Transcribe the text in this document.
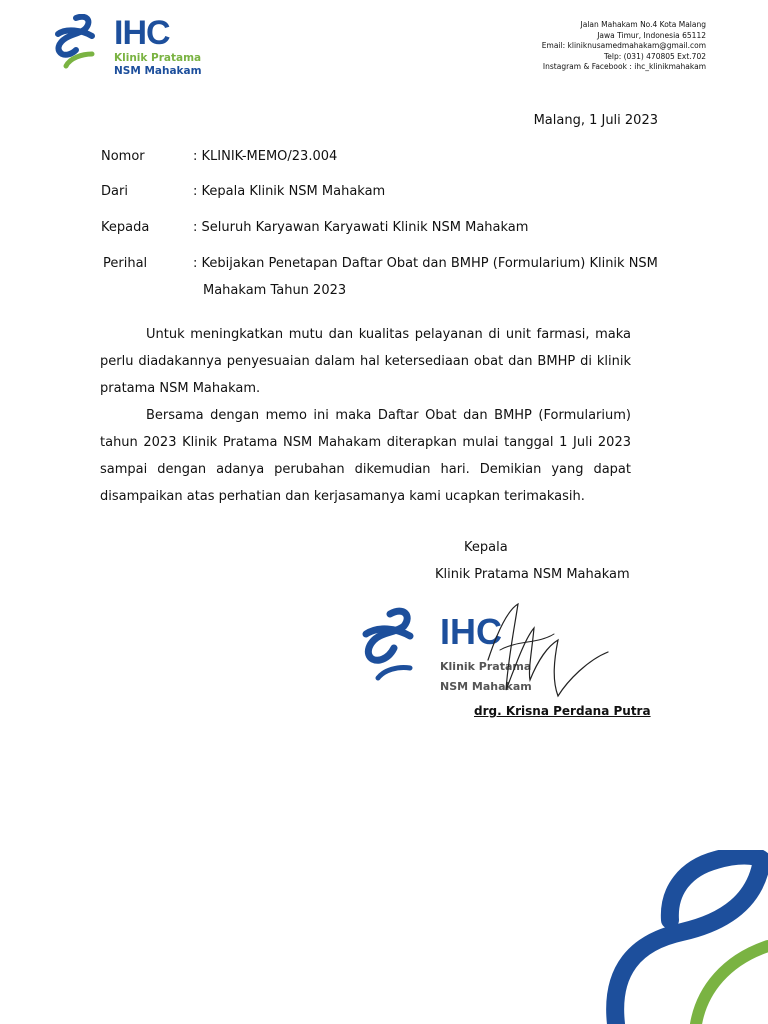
IHC
Klinik Pratama
NSM Mahakam
Jalan Mahakam No.4 Kota Malang
Jawa Timur, Indonesia 65112
Email: kliniknusamedmahakam@gmail.com
Telp: (031) 470805 Ext.702
Instagram & Facebook : ihc_klinikmahakam
Malang, 1 Juli 2023
Nomor	: KLINIK-MEMO/23.004
Dari	: Kepala Klinik NSM Mahakam
Kepada	: Seluruh Karyawan Karyawati Klinik NSM Mahakam
Perihal	: Kebijakan Penetapan Daftar Obat dan BMHP (Formularium) Klinik NSM
Mahakam Tahun 2023

Untuk meningkatkan mutu dan kualitas pelayanan di unit farmasi, maka perlu diadakannya penyesuaian dalam hal ketersediaan obat dan BMHP di klinik pratama NSM Mahakam.

Bersama dengan memo ini maka Daftar Obat dan BMHP (Formularium) tahun 2023 Klinik Pratama NSM Mahakam diterapkan mulai tanggal 1 Juli 2023 sampai dengan adanya perubahan dikemudian hari. Demikian yang dapat disampaikan atas perhatian dan kerjasamanya kami ucapkan terimakasih.

Kepala
Klinik Pratama NSM Mahakam
IHC
Klinik Pratama
NSM Mahakam
drg. Krisna Perdana Putra
